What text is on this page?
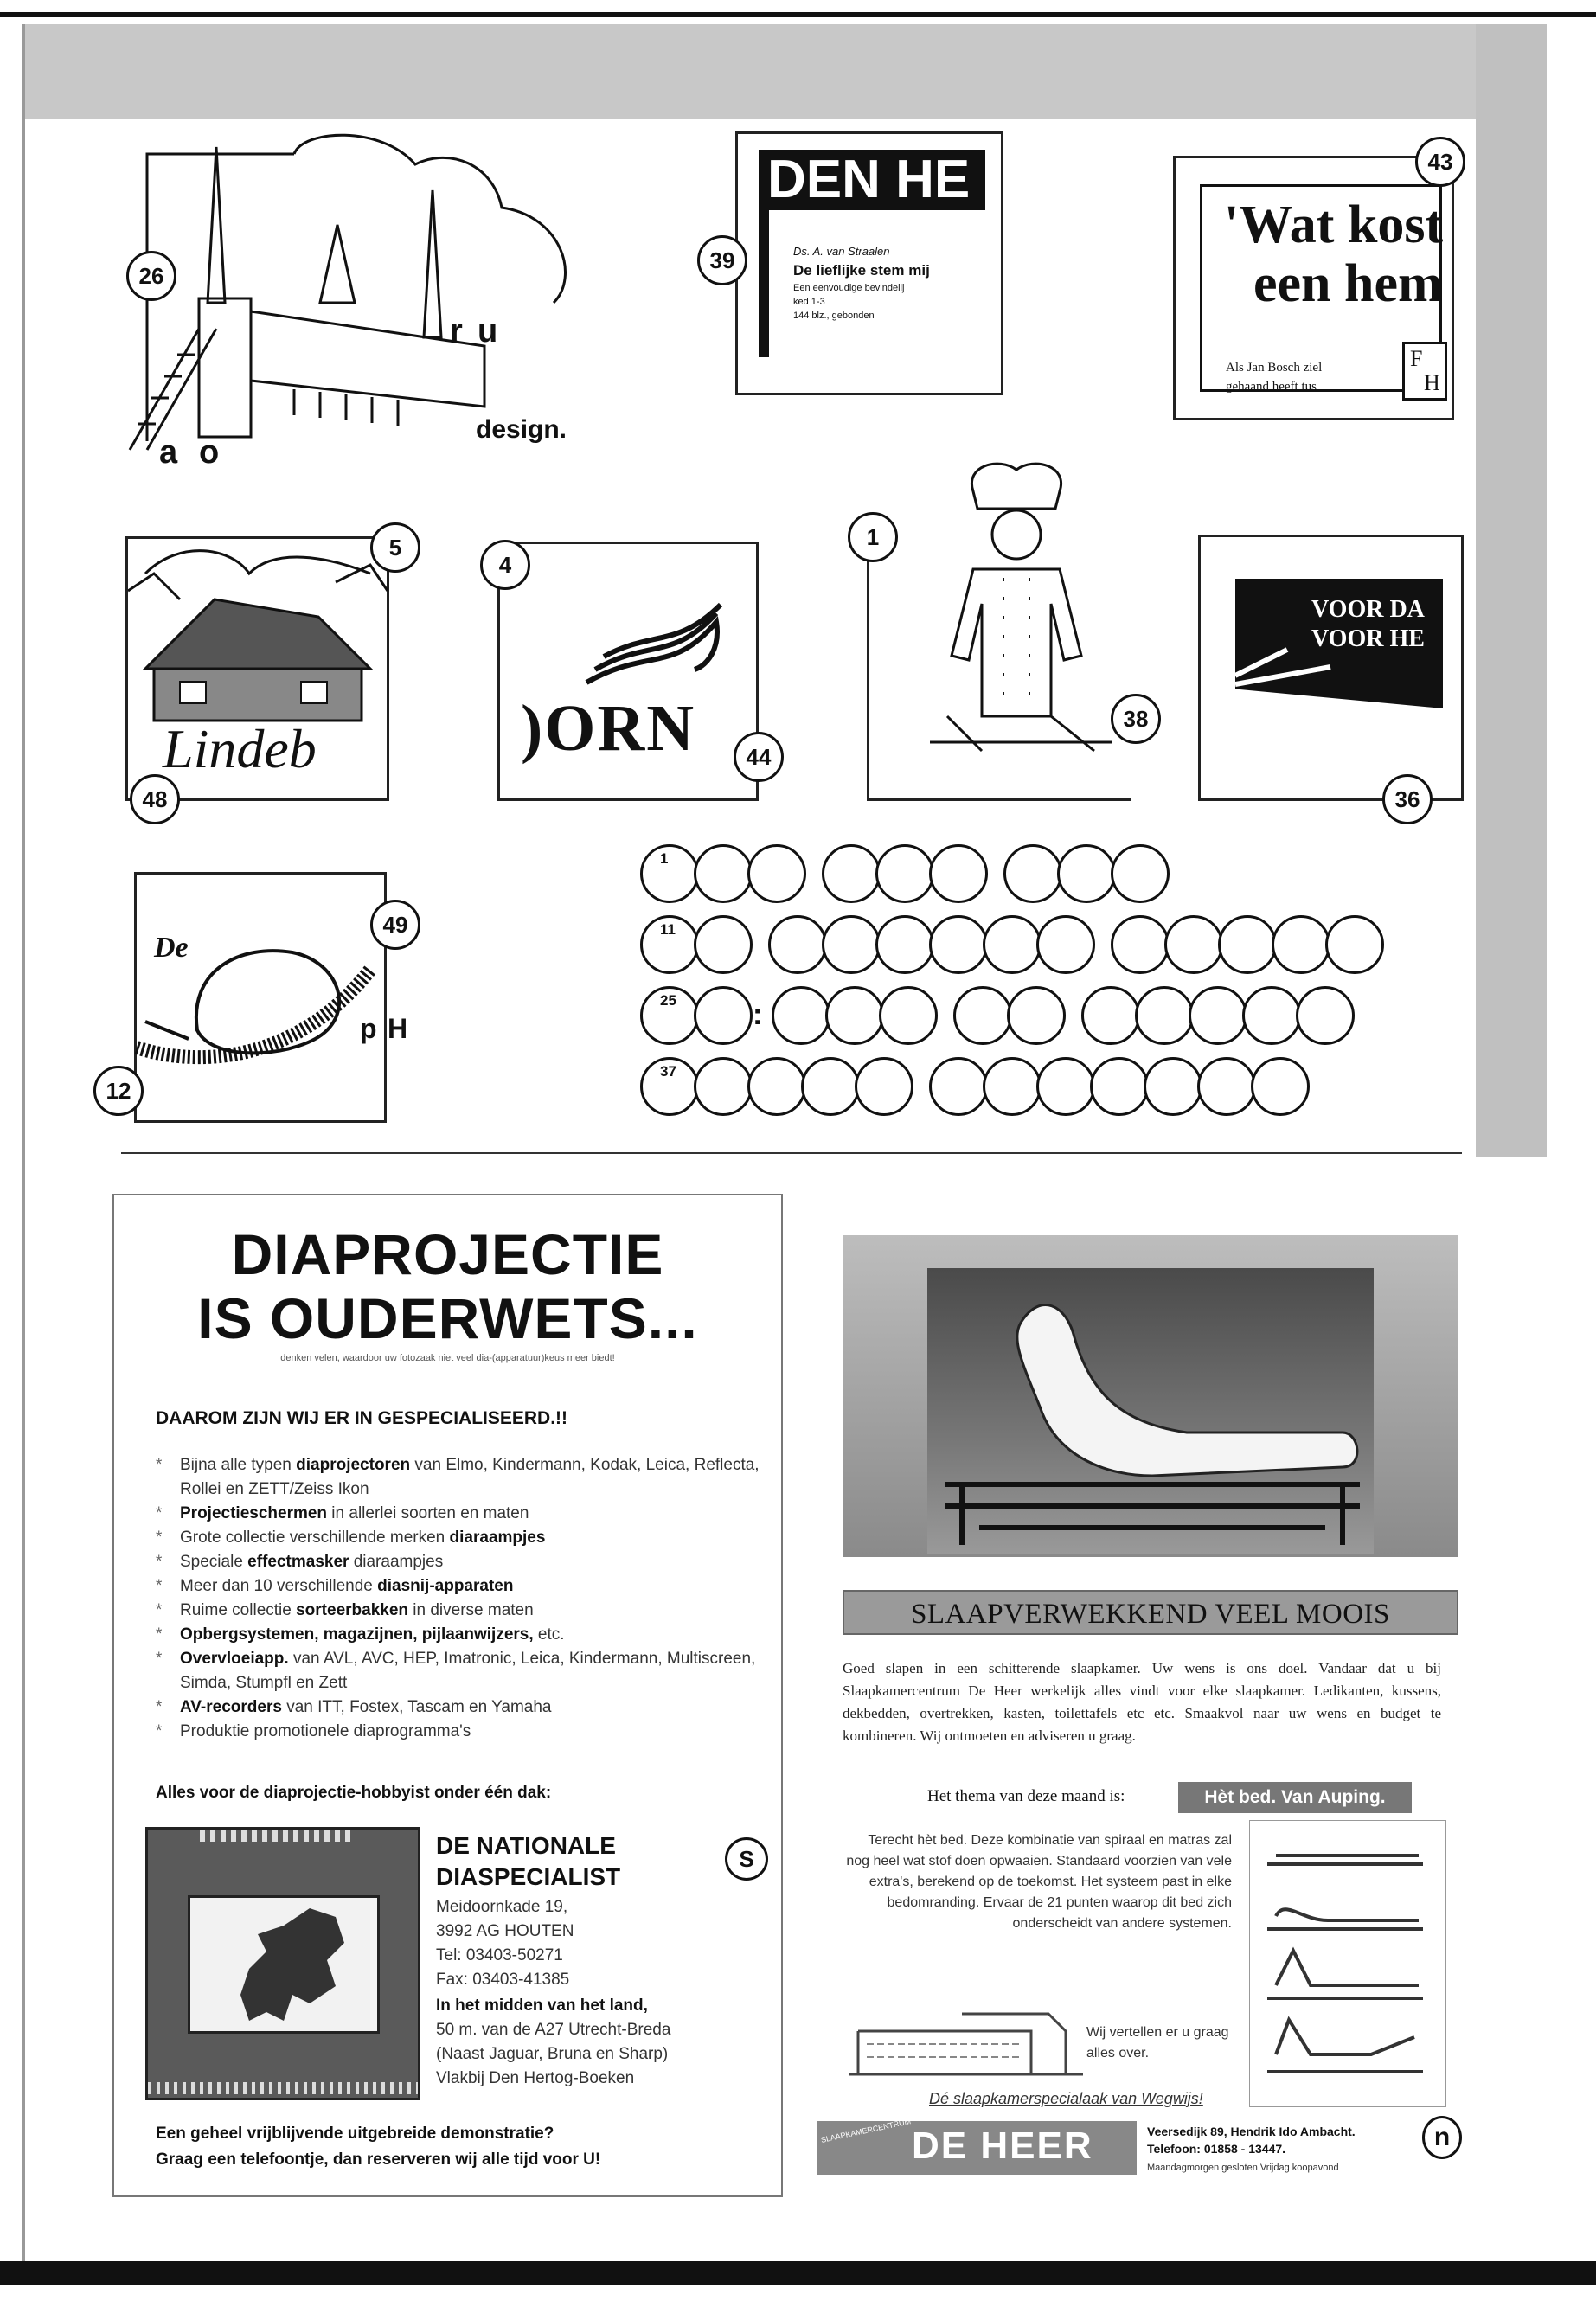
r u
a o
design.
26
DEN HE
Ds. A. van Straalen
De lieflijke stem mij
Een eenvoudige bevindelij
ked 1-3
144 blz., gebonden
39
'Wat kost
een hem
Als Jan Bosch ziel
gehaand heeft tus
F
H
43
Lindeb
5
48
)ORN
4
44
1
38
VOOR DA
VOOR HE
36
De
p H
49
12
1
11
25	:
37
DIAPROJECTIE
IS OUDERWETS...
denken velen, waardoor uw fotozaak niet veel dia-(apparatuur)keus meer biedt!
DAAROM ZIJN WIJ ER IN GESPECIALISEERD.!!
* Bijna alle typen diaprojectoren van Elmo, Kindermann, Kodak, Leica, Reflecta, Rollei en ZETT/Zeiss Ikon
* Projectieschermen in allerlei soorten en maten
* Grote collectie verschillende merken diaraampjes
* Speciale effectmasker diaraampjes
* Meer dan 10 verschillende diasnij-apparaten
* Ruime collectie sorteerbakken in diverse maten
* Opbergsystemen, magazijnen, pijlaanwijzers, etc.
* Overvloeiapp. van AVL, AVC, HEP, Imatronic, Leica, Kindermann, Multiscreen, Simda, Stumpfl en Zett
* AV-recorders van ITT, Fostex, Tascam en Yamaha
* Produktie promotionele diaprogramma's
Alles voor de diaprojectie-hobbyist onder één dak:
DE NATIONALE
DIASPECIALIST
Meidoornkade 19,
3992 AG HOUTEN
Tel: 03403-50271
Fax: 03403-41385
In het midden van het land,
50 m. van de A27 Utrecht-Breda
(Naast Jaguar, Bruna en Sharp)
Vlakbij Den Hertog-Boeken
S
Een geheel vrijblijvende uitgebreide demonstratie?
Graag een telefoontje, dan reserveren wij alle tijd voor U!
SLAAPVERWEKKEND VEEL MOOIS
Goed slapen in een schitterende slaapkamer. Uw wens is ons doel. Vandaar dat u bij Slaapkamercentrum De Heer werkelijk alles vindt voor elke slaapkamer. Ledikanten, kussens, dekbedden, overtrekken, kasten, toilettafels etc etc. Smaakvol naar uw wens en budget te kombineren. Wij ontmoeten en adviseren u graag.
Het thema van deze maand is:	Hèt bed. Van Auping.
Terecht hèt bed. Deze kombinatie van spiraal en matras zal nog heel wat stof doen opwaaien. Standaard voorzien van vele extra's, berekend op de toekomst. Het systeem past in elke bedomranding. Ervaar de 21 punten waarop dit bed zich onderscheidt van andere systemen.
Wij vertellen er u graag alles over.
Dé slaapkamerspecialaak van Wegwijs!
SLAAPKAMERCENTRUM DE HEER	Veersedijk 89, Hendrik Ido Ambacht.
Telefoon: 01858 - 13447.
Maandagmorgen gesloten Vrijdag koopavond
n
